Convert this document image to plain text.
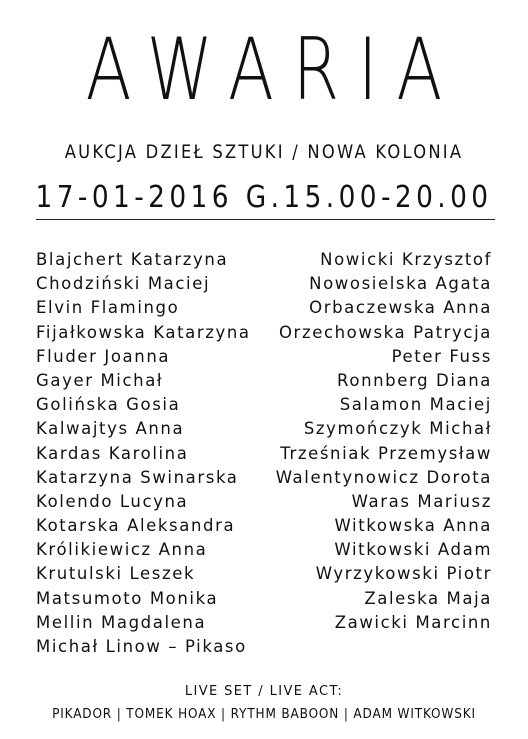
AWARIA
AUKCJA DZIEŁ SZTUKI / NOWA KOLONIA
17-01-2016 G.15.00-20.00
Blajchert Katarzyna
Chodziński Maciej
Elvin Flamingo
Fijałkowska Katarzyna
Fluder Joanna
Gayer Michał
Golińska Gosia
Kalwajtys Anna
Kardas Karolina
Katarzyna Swinarska
Kolendo Lucyna
Kotarska Aleksandra
Królikiewicz Anna
Krutulski Leszek
Matsumoto Monika
Mellin Magdalena
Michał Linow – Pikaso
Nowicki Krzysztof
Nowosielska Agata
Orbaczewska Anna
Orzechowska Patrycja
Peter Fuss
Ronnberg Diana
Salamon Maciej
Szymończyk Michał
Trześniak Przemysław
Walentynowicz Dorota
Waras Mariusz
Witkowska Anna
Witkowski Adam
Wyrzykowski Piotr
Zaleska Maja
Zawicki Marcinn
LIVE SET / LIVE ACT:
PIKADOR | TOMEK HOAX | RYTHM BABOON | ADAM WITKOWSKI
